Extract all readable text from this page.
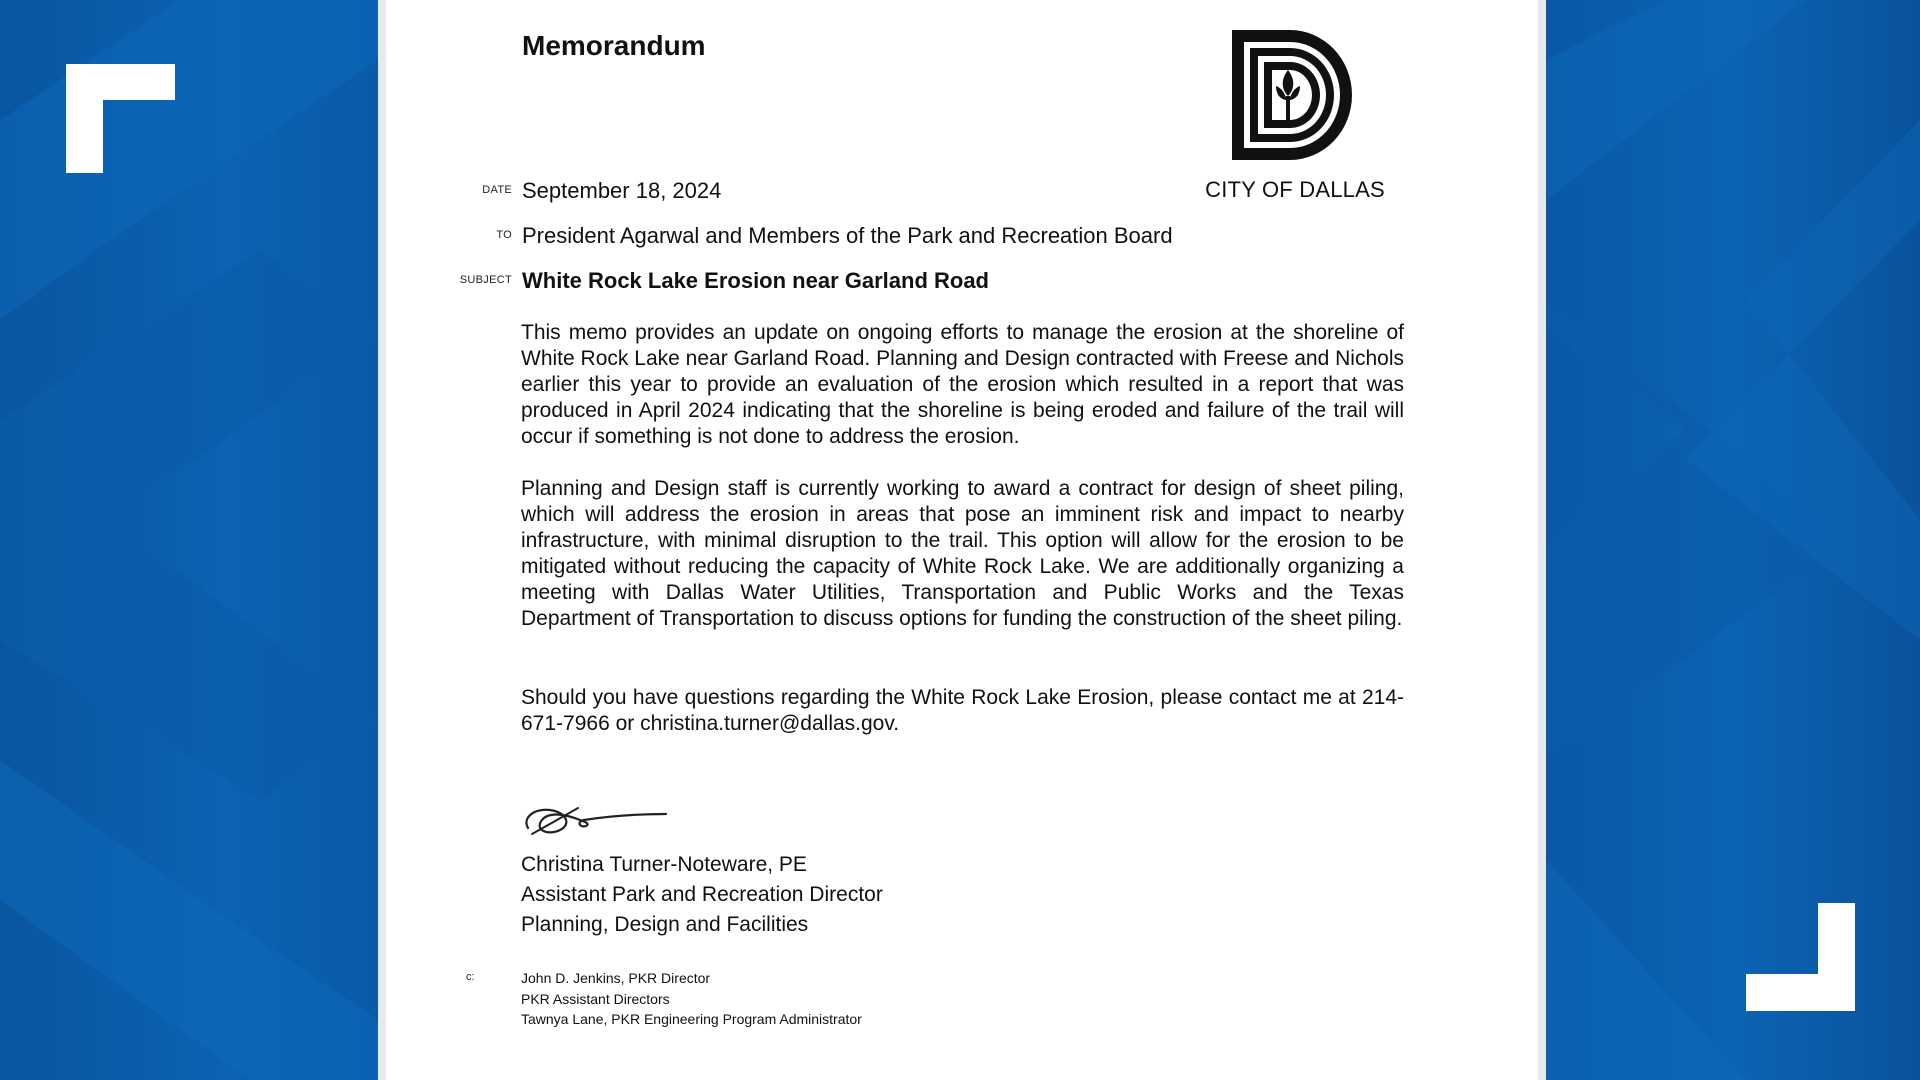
Memorandum
CITY OF DALLAS
DATE September 18, 2024
TO President Agarwal and Members of the Park and Recreation Board
SUBJECT White Rock Lake Erosion near Garland Road

This memo provides an update on ongoing efforts to manage the erosion at the shoreline of White Rock Lake near Garland Road. Planning and Design contracted with Freese and Nichols earlier this year to provide an evaluation of the erosion which resulted in a report that was produced in April 2024 indicating that the shoreline is being eroded and failure of the trail will occur if something is not done to address the erosion.

Planning and Design staff is currently working to award a contract for design of sheet piling, which will address the erosion in areas that pose an imminent risk and impact to nearby infrastructure, with minimal disruption to the trail. This option will allow for the erosion to be mitigated without reducing the capacity of White Rock Lake. We are additionally organizing a meeting with Dallas Water Utilities, Transportation and Public Works and the Texas Department of Transportation to discuss options for funding the construction of the sheet piling.

Should you have questions regarding the White Rock Lake Erosion, please contact me at 214-671-7966 or christina.turner@dallas.gov.

Christina Turner-Noteware, PE
Assistant Park and Recreation Director
Planning, Design and Facilities
c:	John D. Jenkins, PKR Director
PKR Assistant Directors
Tawnya Lane, PKR Engineering Program Administrator
